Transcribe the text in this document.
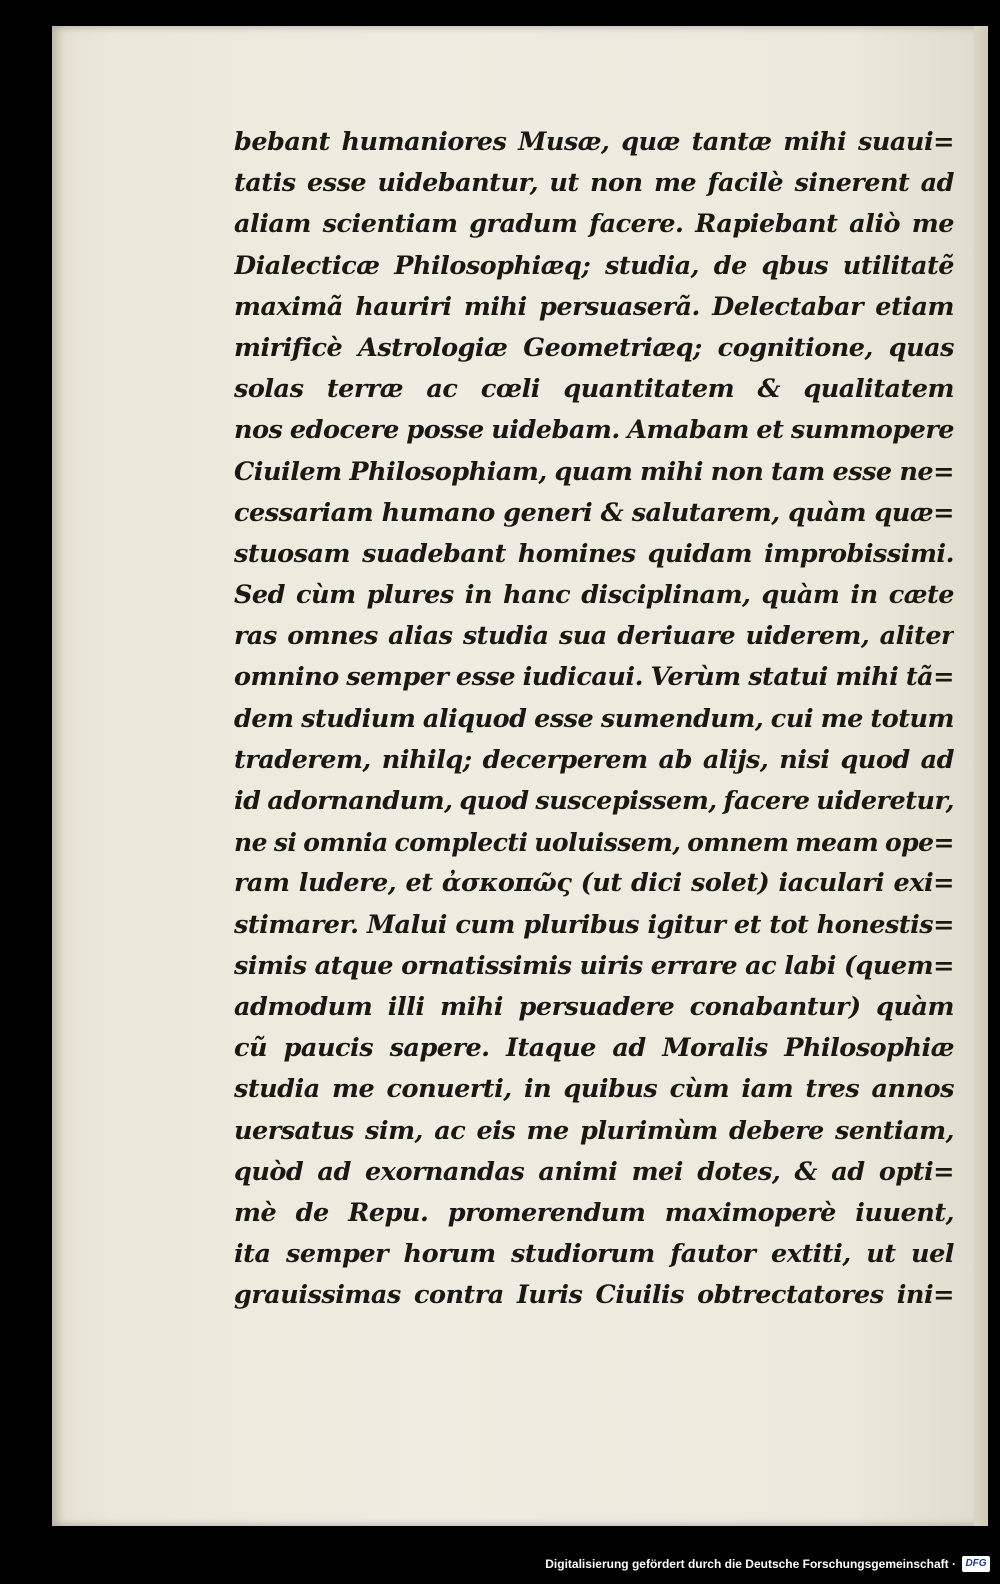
bebant humaniores Musæ, quæ tantæ mihi suaui=
tatis esse uidebantur, ut non me facilè sinerent ad
aliam scientiam gradum facere. Rapiebant aliò me
Dialecticæ Philosophiæq; studia, de qbus utilitatẽ
maximã hauriri mihi persuaserã. Delectabar etiam
mirificè Astrologiæ Geometriæq; cognitione, quas
solas terræ ac cœli quantitatem & qualitatem
nos edocere posse uidebam. Amabam et summopere
Ciuilem Philosophiam, quam mihi non tam esse ne=
cessariam humano generi & salutarem, quàm quæ=
stuosam suadebant homines quidam improbissimi.
Sed cùm plures in hanc disciplinam, quàm in cæte
ras omnes alias studia sua deriuare uiderem, aliter
omnino semper esse iudicaui. Verùm statui mihi tã=
dem studium aliquod esse sumendum, cui me totum
traderem, nihilq; decerperem ab alijs, nisi quod ad
id adornandum, quod suscepissem, facere uideretur,
ne si omnia complecti uoluissem, omnem meam ope=
ram ludere, et ἀσκοπῶς (ut dici solet) iaculari exi=
stimarer. Malui cum pluribus igitur et tot honestis=
simis atque ornatissimis uiris errare ac labi (quem=
admodum illi mihi persuadere conabantur) quàm
cũ paucis sapere. Itaque ad Moralis Philosophiæ
studia me conuerti, in quibus cùm iam tres annos
uersatus sim, ac eis me plurimùm debere sentiam,
quòd ad exornandas animi mei dotes, & ad opti=
mè de Repu. promerendum maximoperè iuuent,
ita semper horum studiorum fautor extiti, ut uel
grauissimas contra Iuris Ciuilis obtrectatores ini=
Digitalisierung gefördert durch die Deutsche Forschungsgemeinschaft · DFG
